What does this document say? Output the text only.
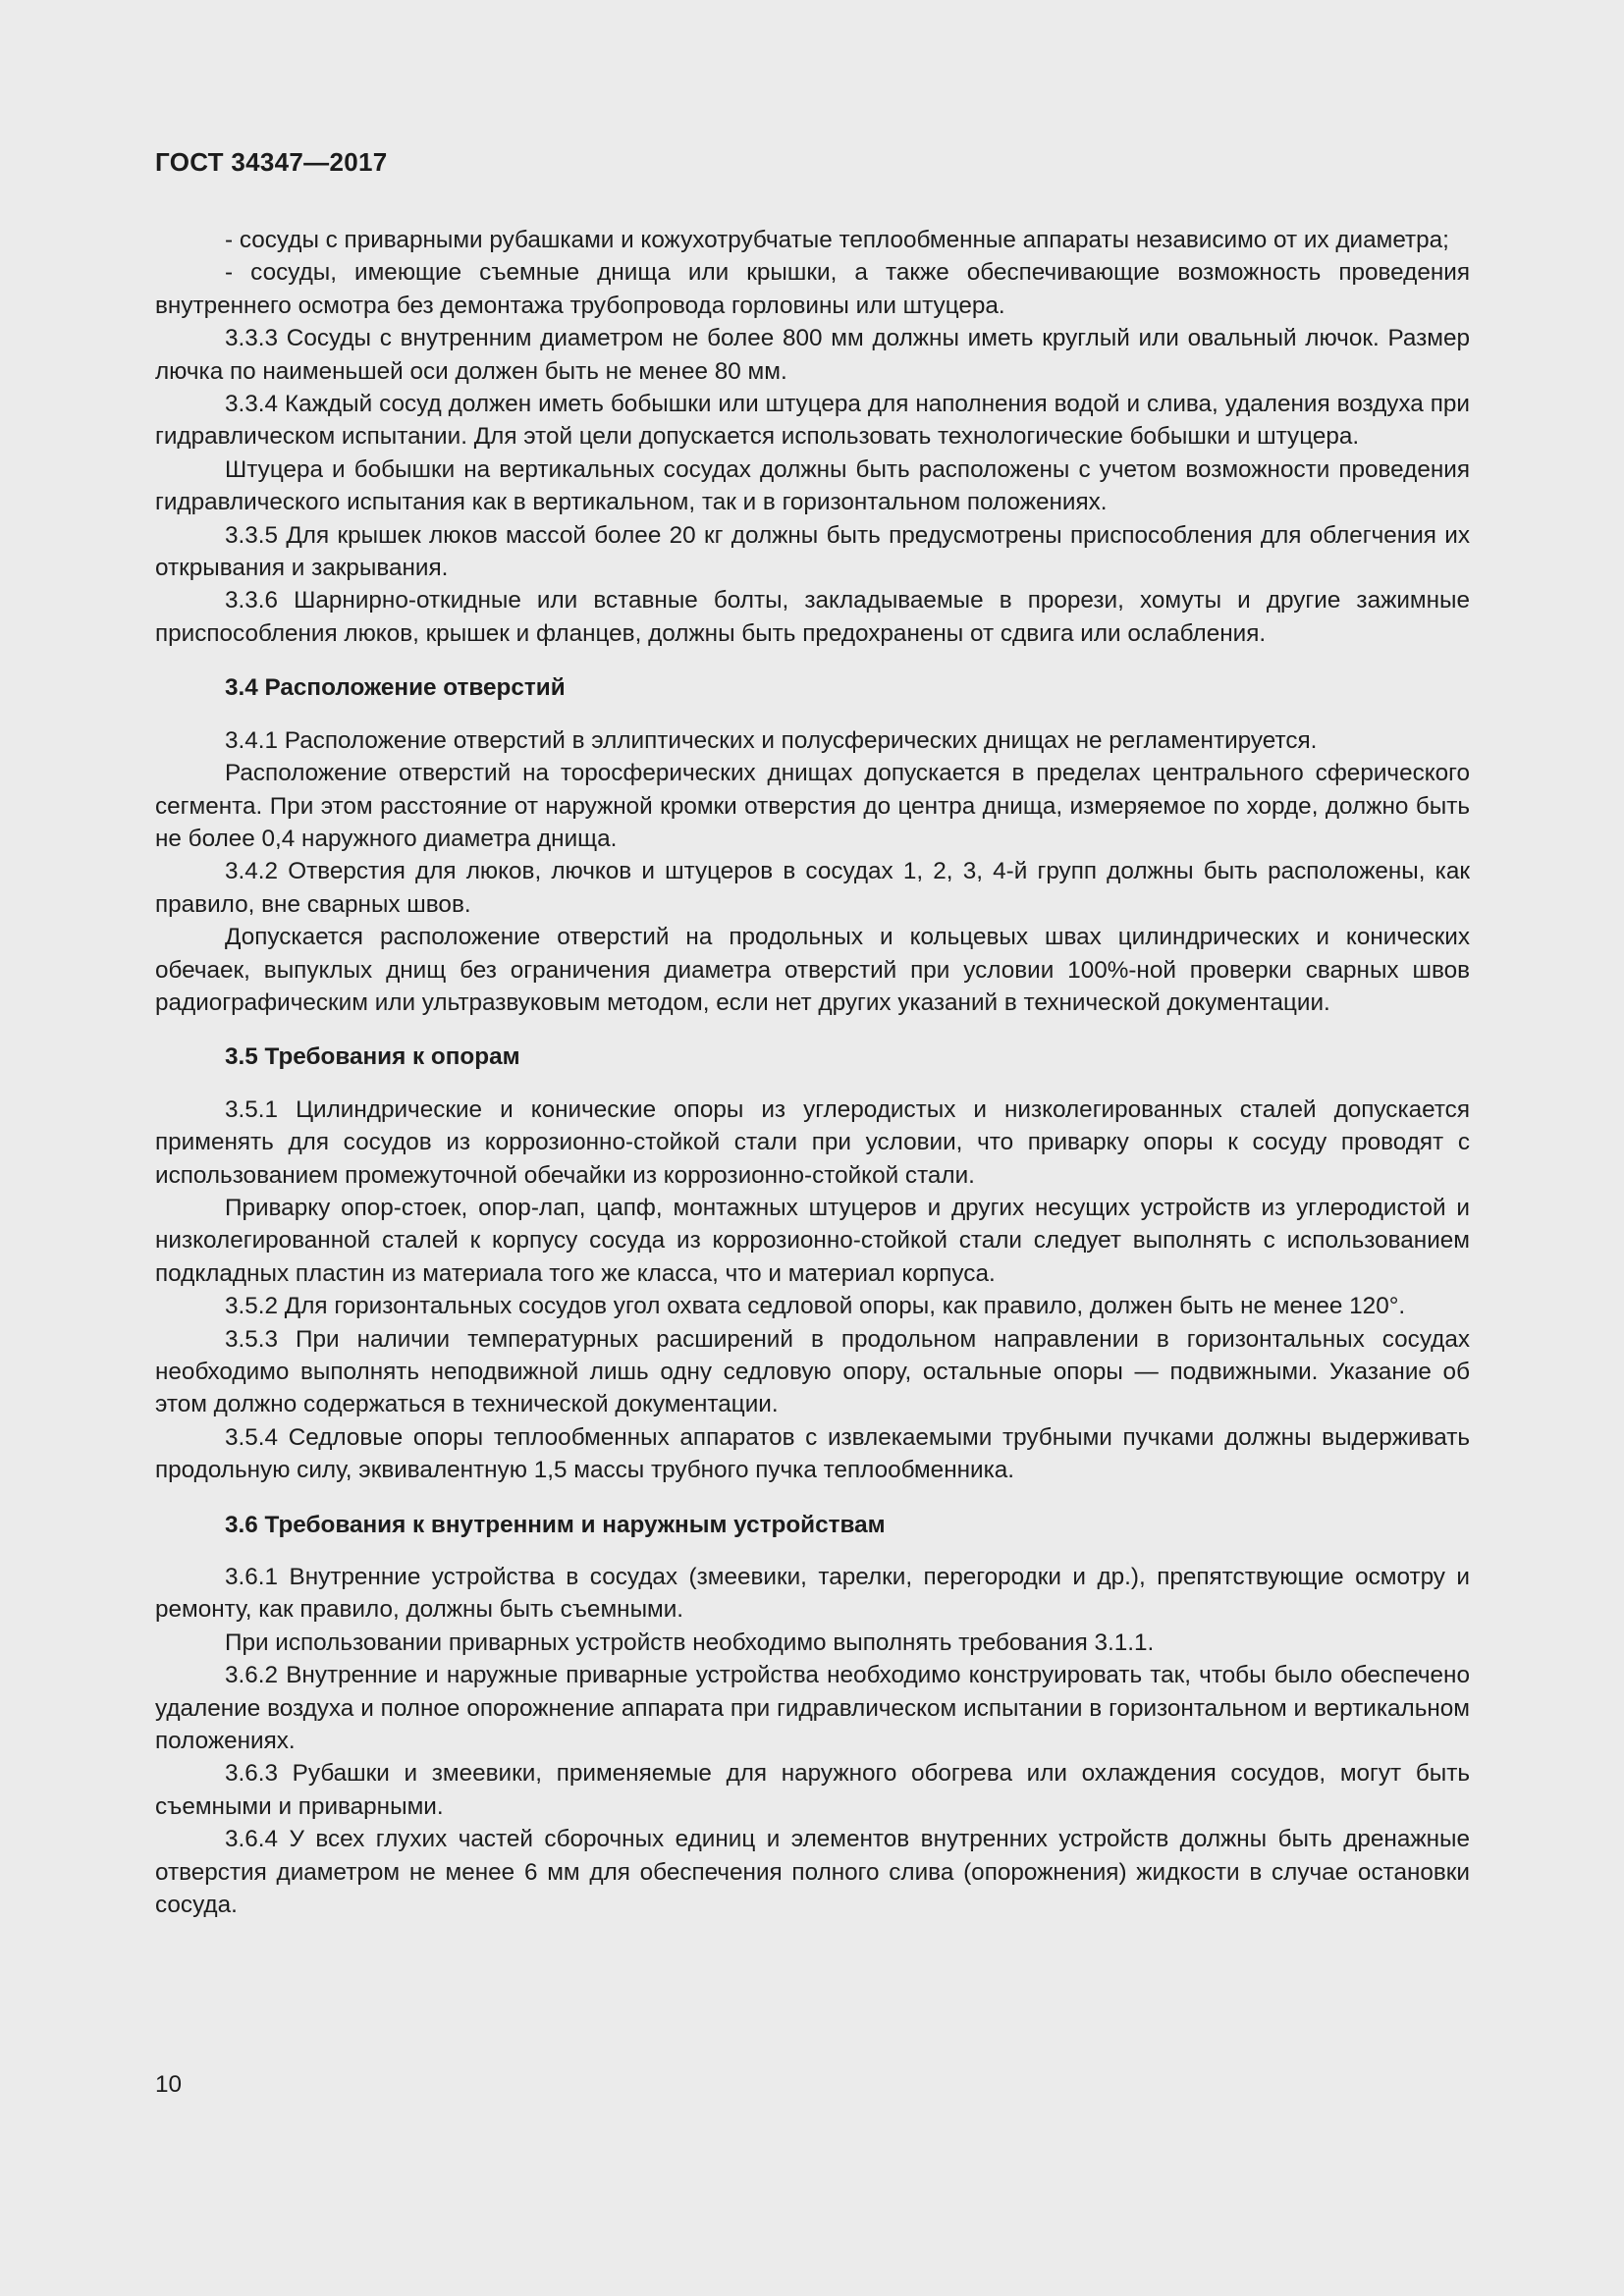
ГОСТ 34347—2017

- сосуды с приварными рубашками и кожухотрубчатые теплообменные аппараты независимо от их диаметра;

- сосуды, имеющие съемные днища или крышки, а также обеспечивающие возможность проведения внутреннего осмотра без демонтажа трубопровода горловины или штуцера.

3.3.3 Сосуды с внутренним диаметром не более 800 мм должны иметь круглый или овальный лючок. Размер лючка по наименьшей оси должен быть не менее 80 мм.

3.3.4 Каждый сосуд должен иметь бобышки или штуцера для наполнения водой и слива, удаления воздуха при гидравлическом испытании. Для этой цели допускается использовать технологические бобышки и штуцера.

Штуцера и бобышки на вертикальных сосудах должны быть расположены с учетом возможности проведения гидравлического испытания как в вертикальном, так и в горизонтальном положениях.

3.3.5 Для крышек люков массой более 20 кг должны быть предусмотрены приспособления для облегчения их открывания и закрывания.

3.3.6 Шарнирно-откидные или вставные болты, закладываемые в прорези, хомуты и другие зажимные приспособления люков, крышек и фланцев, должны быть предохранены от сдвига или ослабления.

3.4 Расположение отверстий

3.4.1 Расположение отверстий в эллиптических и полусферических днищах не регламентируется.

Расположение отверстий на торосферических днищах допускается в пределах центрального сферического сегмента. При этом расстояние от наружной кромки отверстия до центра днища, измеряемое по хорде, должно быть не более 0,4 наружного диаметра днища.

3.4.2 Отверстия для люков, лючков и штуцеров в сосудах 1, 2, 3, 4-й групп должны быть расположены, как правило, вне сварных швов.

Допускается расположение отверстий на продольных и кольцевых швах цилиндрических и конических обечаек, выпуклых днищ без ограничения диаметра отверстий при условии 100%-ной проверки сварных швов радиографическим или ультразвуковым методом, если нет других указаний в технической документации.

3.5 Требования к опорам

3.5.1 Цилиндрические и конические опоры из углеродистых и низколегированных сталей допускается применять для сосудов из коррозионно-стойкой стали при условии, что приварку опоры к сосуду проводят с использованием промежуточной обечайки из коррозионно-стойкой стали.

Приварку опор-стоек, опор-лап, цапф, монтажных штуцеров и других несущих устройств из углеродистой и низколегированной сталей к корпусу сосуда из коррозионно-стойкой стали следует выполнять с использованием подкладных пластин из материала того же класса, что и материал корпуса.

3.5.2 Для горизонтальных сосудов угол охвата седловой опоры, как правило, должен быть не менее 120°.

3.5.3 При наличии температурных расширений в продольном направлении в горизонтальных сосудах необходимо выполнять неподвижной лишь одну седловую опору, остальные опоры — подвижными. Указание об этом должно содержаться в технической документации.

3.5.4 Седловые опоры теплообменных аппаратов с извлекаемыми трубными пучками должны выдерживать продольную силу, эквивалентную 1,5 массы трубного пучка теплообменника.

3.6 Требования к внутренним и наружным устройствам

3.6.1 Внутренние устройства в сосудах (змеевики, тарелки, перегородки и др.), препятствующие осмотру и ремонту, как правило, должны быть съемными.

При использовании приварных устройств необходимо выполнять требования 3.1.1.

3.6.2 Внутренние и наружные приварные устройства необходимо конструировать так, чтобы было обеспечено удаление воздуха и полное опорожнение аппарата при гидравлическом испытании в горизонтальном и вертикальном положениях.

3.6.3 Рубашки и змеевики, применяемые для наружного обогрева или охлаждения сосудов, могут быть съемными и приварными.

3.6.4 У всех глухих частей сборочных единиц и элементов внутренних устройств должны быть дренажные отверстия диаметром не менее 6 мм для обеспечения полного слива (опорожнения) жидкости в случае остановки сосуда.

10
